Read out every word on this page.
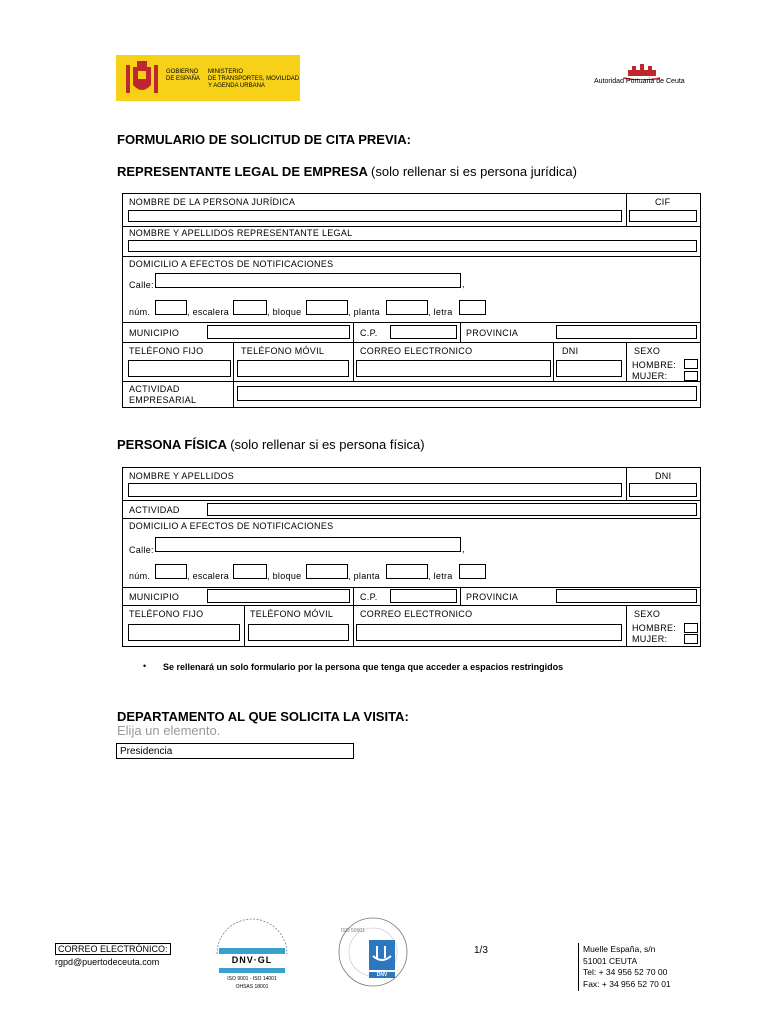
GOBIERNO
DE ESPAÑA
MINISTERIO
DE TRANSPORTES, MOVILIDAD
Y AGENDA URBANA
Autoridad Portuaria de Ceuta
FORMULARIO DE SOLICITUD DE CITA PREVIA:
REPRESENTANTE LEGAL DE EMPRESA (solo rellenar si es persona jurídica)
NOMBRE DE LA PERSONA JURÍDICA	CIF
NOMBRE Y APELLIDOS REPRESENTANTE LEGAL
DOMICILIO A EFECTOS DE NOTIFICACIONES
Calle:	,
núm.	, escalera	, bloque	, planta	, letra
MUNICIPIO	C.P.	PROVINCIA
TELÉFONO FIJO	TELÉFONO MÓVIL	CORREO ELECTRONICO	DNI	SEXO
HOMBRE:
MUJER:
ACTIVIDAD
EMPRESARIAL
PERSONA FÍSICA (solo rellenar si es persona física)
NOMBRE Y APELLIDOS	DNI
ACTIVIDAD
DOMICILIO A EFECTOS DE NOTIFICACIONES
Calle:	,
núm.	, escalera	, bloque	, planta	, letra
MUNICIPIO	C.P.	PROVINCIA
TELÉFONO FIJO	TELÉFONO MÓVIL	CORREO ELECTRONICO	SEXO
HOMBRE:
MUJER:
• Se rellenará un solo formulario por la persona que tenga que acceder a espacios restringidos
DEPARTAMENTO AL QUE SOLICITA LA VISITA:
Elija un elemento.
Presidencia
CORREO ELECTRÓNICO:
rgpd@puertodeceuta.com	DNV·GL
ISO 9001 · ISO 14001
OHSAS 18001
ISO 50001
DNV
1/3	Muelle España, s/n
51001 CEUTA
Tel: + 34 956 52 70 00
Fax: + 34 956 52 70 01
